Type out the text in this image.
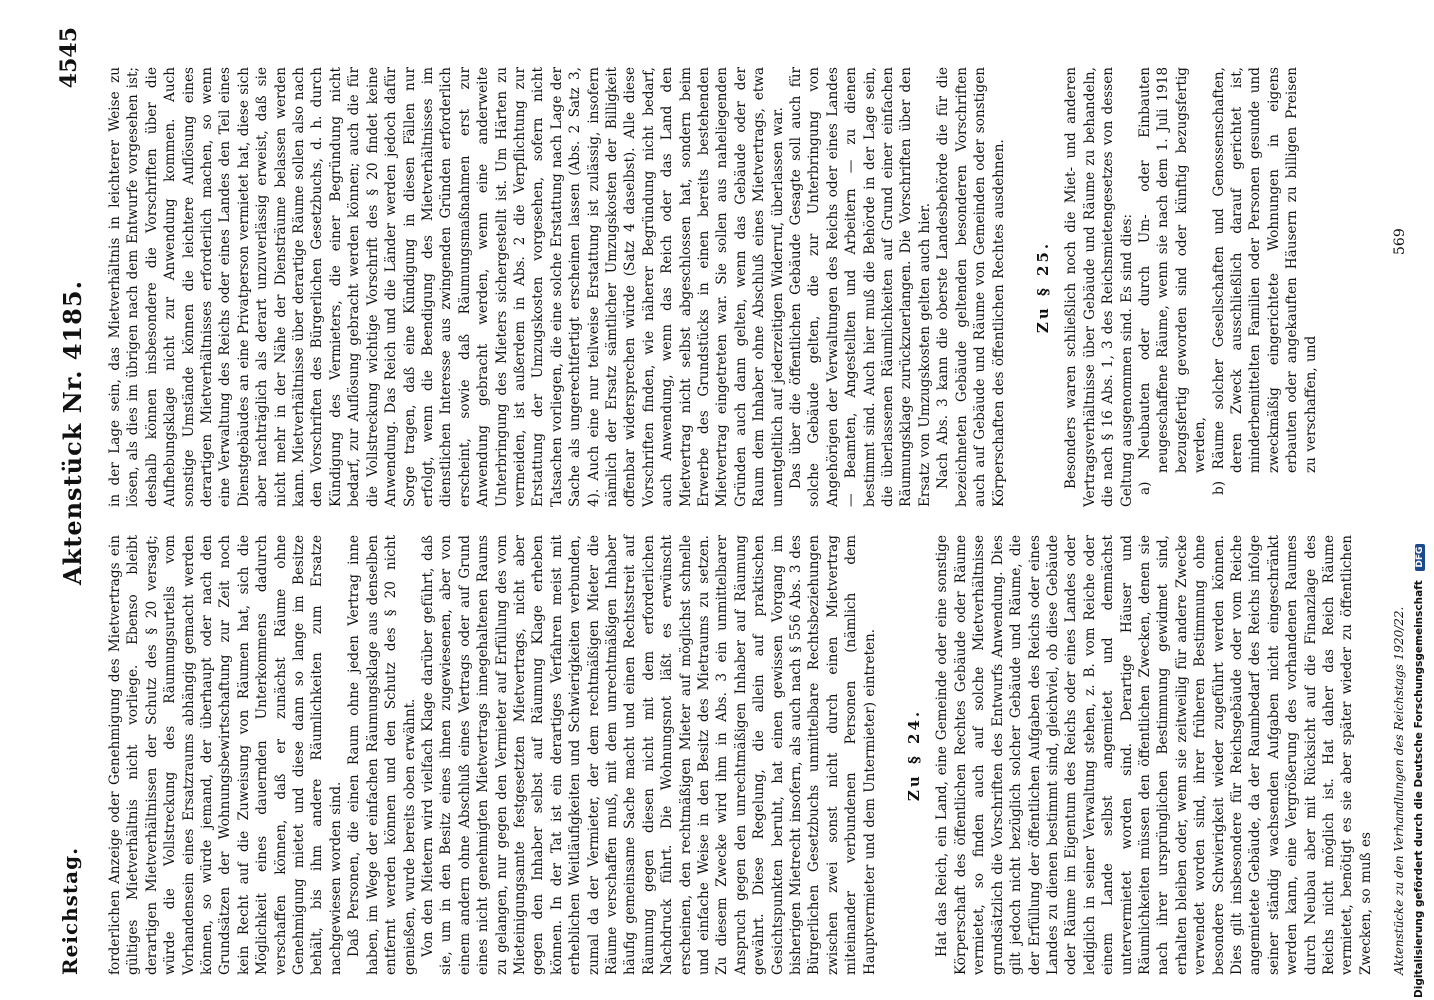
Reichstag.
Aktenstück Nr. 4185.
4545

forderlichen Anzeige oder Genehmigung des Mietvertrags ein gültiges Mietverhältnis nicht vorliege. Ebenso bleibt derartigen Mietverhältnissen der Schutz des § 20 versagt; würde die Vollstreckung des Räumungsurteils vom Vorhandensein eines Ersatzraums abhängig gemacht werden können, so würde jemand, der überhaupt oder nach den Grundsätzen der Wohnungsbewirtschaftung zur Zeit noch kein Recht auf die Zuweisung von Räumen hat, sich die Möglichkeit eines dauernden Unterkommens dadurch verschaffen können, daß er zunächst Räume ohne Genehmigung mietet und diese dann so lange im Besitze behält, bis ihm andere Räumlichkeiten zum Ersatze nachgewiesen worden sind. Daß Personen, die einen Raum ohne jeden Vertrag inne haben, im Wege der einfachen Räumungsklage aus denselben entfernt werden können und den Schutz des § 20 nicht genießen, wurde bereits oben erwähnt. Von den Mietern wird vielfach Klage darüber geführt, daß sie, um in den Besitz eines ihnen zugewiesenen, aber von einem andern ohne Abschluß eines Vertrags oder auf Grund eines nicht genehmigten Mietvertrags innegehaltenen Raums zu gelangen, nur gegen den Vermieter auf Erfüllung des vom Mieteinigungsamte festgesetzten Mietvertrags, nicht aber gegen den Inhaber selbst auf Räumung Klage erheben können. In der Tat ist ein derartiges Verfahren meist mit erheblichen Weitläufigkeiten und Schwierigkeiten verbunden, zumal da der Vermieter, der dem rechtmäßigen Mieter die Räume verschaffen muß, mit dem unrechtmäßigen Inhaber häufig gemeinsame Sache macht und einen Rechtsstreit auf Räumung gegen diesen nicht mit dem erforderlichen Nachdruck führt. Die Wohnungsnot läßt es erwünscht erscheinen, den rechtmäßigen Mieter auf möglichst schnelle und einfache Weise in den Besitz des Mietraums zu setzen. Zu diesem Zwecke wird ihm in Abs. 3 ein unmittelbarer Anspruch gegen den unrechtmäßigen Inhaber auf Räumung gewährt. Diese Regelung, die allein auf praktischen Gesichtspunkten beruht, hat einen gewissen Vorgang im bisherigen Mietrecht insofern, als auch nach § 556 Abs. 3 des Bürgerlichen Gesetzbuchs unmittelbare Rechtsbeziehungen zwischen zwei sonst nicht durch einen Mietvertrag miteinander verbundenen Personen (nämlich dem Hauptvermieter und dem Untermieter) eintreten. Zu § 24. Hat das Reich, ein Land, eine Gemeinde oder eine sonstige Körperschaft des öffentlichen Rechtes Gebäude oder Räume vermietet, so finden auch auf solche Mietverhältnisse grundsätzlich die Vorschriften des Entwurfs Anwendung. Dies gilt jedoch nicht bezüglich solcher Gebäude und Räume, die der Erfüllung der öffentlichen Aufgaben des Reichs oder eines Landes zu dienen bestimmt sind, gleichviel, ob diese Gebäude oder Räume im Eigentum des Reichs oder eines Landes oder lediglich in seiner Verwaltung stehen, z. B. vom Reiche oder einem Lande selbst angemietet und demnächst untervermietet worden sind. Derartige Häuser und Räumlichkeiten müssen den öffentlichen Zwecken, denen sie nach ihrer ursprünglichen Bestimmung gewidmet sind, erhalten bleiben oder, wenn sie zeitweilig für andere Zwecke verwendet worden sind, ihrer früheren Bestimmung ohne besondere Schwierigkeit wieder zugeführt werden können. Dies gilt insbesondere für Reichsgebäude oder vom Reiche angemietete Gebäude, da der Raumbedarf des Reichs infolge seiner ständig wachsenden Aufgaben nicht eingeschränkt werden kann, eine Vergrößerung des vorhandenen Raumes durch Neubau aber mit Rücksicht auf die Finanzlage des Reichs nicht möglich ist. Hat daher das Reich Räume vermietet, benötigt es sie aber später wieder zu öffentlichen Zwecken, so muß es

in der Lage sein, das Mietverhältnis in leichterer Weise zu lösen, als dies im übrigen nach dem Entwurfe vorgesehen ist; deshalb können insbesondere die Vorschriften über die Aufhebungsklage nicht zur Anwendung kommen. Auch sonstige Umstände können die leichtere Auflösung eines derartigen Mietverhältnisses erforderlich machen, so wenn eine Verwaltung des Reichs oder eines Landes den Teil eines Dienstgebäudes an eine Privatperson vermietet hat, diese sich aber nachträglich als derart unzuverlässig erweist, daß sie nicht mehr in der Nähe der Diensträume belassen werden kann. Mietverhältnisse über derartige Räume sollen also nach den Vorschriften des Bürgerlichen Gesetzbuchs, d. h. durch Kündigung des Vermieters, die einer Begründung nicht bedarf, zur Auflösung gebracht werden können; auch die für die Vollstreckung wichtige Vorschrift des § 20 findet keine Anwendung. Das Reich und die Länder werden jedoch dafür Sorge tragen, daß eine Kündigung in diesen Fällen nur erfolgt, wenn die Beendigung des Mietverhältnisses im dienstlichen Interesse aus zwingenden Gründen erforderlich erscheint, sowie daß Räumungsmaßnahmen erst zur Anwendung gebracht werden, wenn eine anderweite Unterbringung des Mieters sichergestellt ist. Um Härten zu vermeiden, ist außerdem in Abs. 2 die Verpflichtung zur Erstattung der Umzugskosten vorgesehen, sofern nicht Tatsachen vorliegen, die eine solche Erstattung nach Lage der Sache als ungerechtfertigt erscheinen lassen (Abs. 2 Satz 3, 4). Auch eine nur teilweise Erstattung ist zulässig, insofern nämlich der Ersatz sämtlicher Umzugskosten der Billigkeit offenbar widersprechen würde (Satz 4 daselbst). Alle diese Vorschriften finden, wie näherer Begründung nicht bedarf, auch Anwendung, wenn das Reich oder das Land den Mietvertrag nicht selbst abgeschlossen hat, sondern beim Erwerbe des Grundstücks in einen bereits bestehenden Mietvertrag eingetreten war. Sie sollen aus naheliegenden Gründen auch dann gelten, wenn das Gebäude oder der Raum dem Inhaber ohne Abschluß eines Mietvertrags, etwa unentgeltlich auf jederzeitigen Widerruf, überlassen war. Das über die öffentlichen Gebäude Gesagte soll auch für solche Gebäude gelten, die zur Unterbringung von Angehörigen der Verwaltungen des Reichs oder eines Landes — Beamten, Angestellten und Arbeitern — zu dienen bestimmt sind. Auch hier muß die Behörde in der Lage sein, die überlassenen Räumlichkeiten auf Grund einer einfachen Räumungsklage zurückzuerlangen. Die Vorschriften über den Ersatz von Umzugskosten gelten auch hier. Nach Abs. 3 kann die oberste Landesbehörde die für die bezeichneten Gebäude geltenden besonderen Vorschriften auch auf Gebäude und Räume von Gemeinden oder sonstigen Körperschaften des öffentlichen Rechtes ausdehnen. Zu § 25. Besonders waren schließlich noch die Miet- und anderen Vertragsverhältnisse über Gebäude und Räume zu behandeln, die nach § 16 Abs. 1, 3 des Reichsmietengesetzes von dessen Geltung ausgenommen sind. Es sind dies: a) Neubauten oder durch Um- oder Einbauten neugeschaffene Räume, wenn sie nach dem 1. Juli 1918 bezugsfertig geworden sind oder künftig bezugsfertig werden, b) Räume solcher Gesellschaften und Genossenschaften, deren Zweck ausschließlich darauf gerichtet ist, minderbemittelten Familien oder Personen gesunde und zweckmäßig eingerichtete Wohnungen in eigens erbauten oder angekauften Häusern zu billigen Preisen zu verschaffen, und

Aktenstücke zu den Verhandlungen des Reichstags 1920/22.
569
Digitalisierung gefördert durch die Deutsche Forschungsgemeinschaft DFG
